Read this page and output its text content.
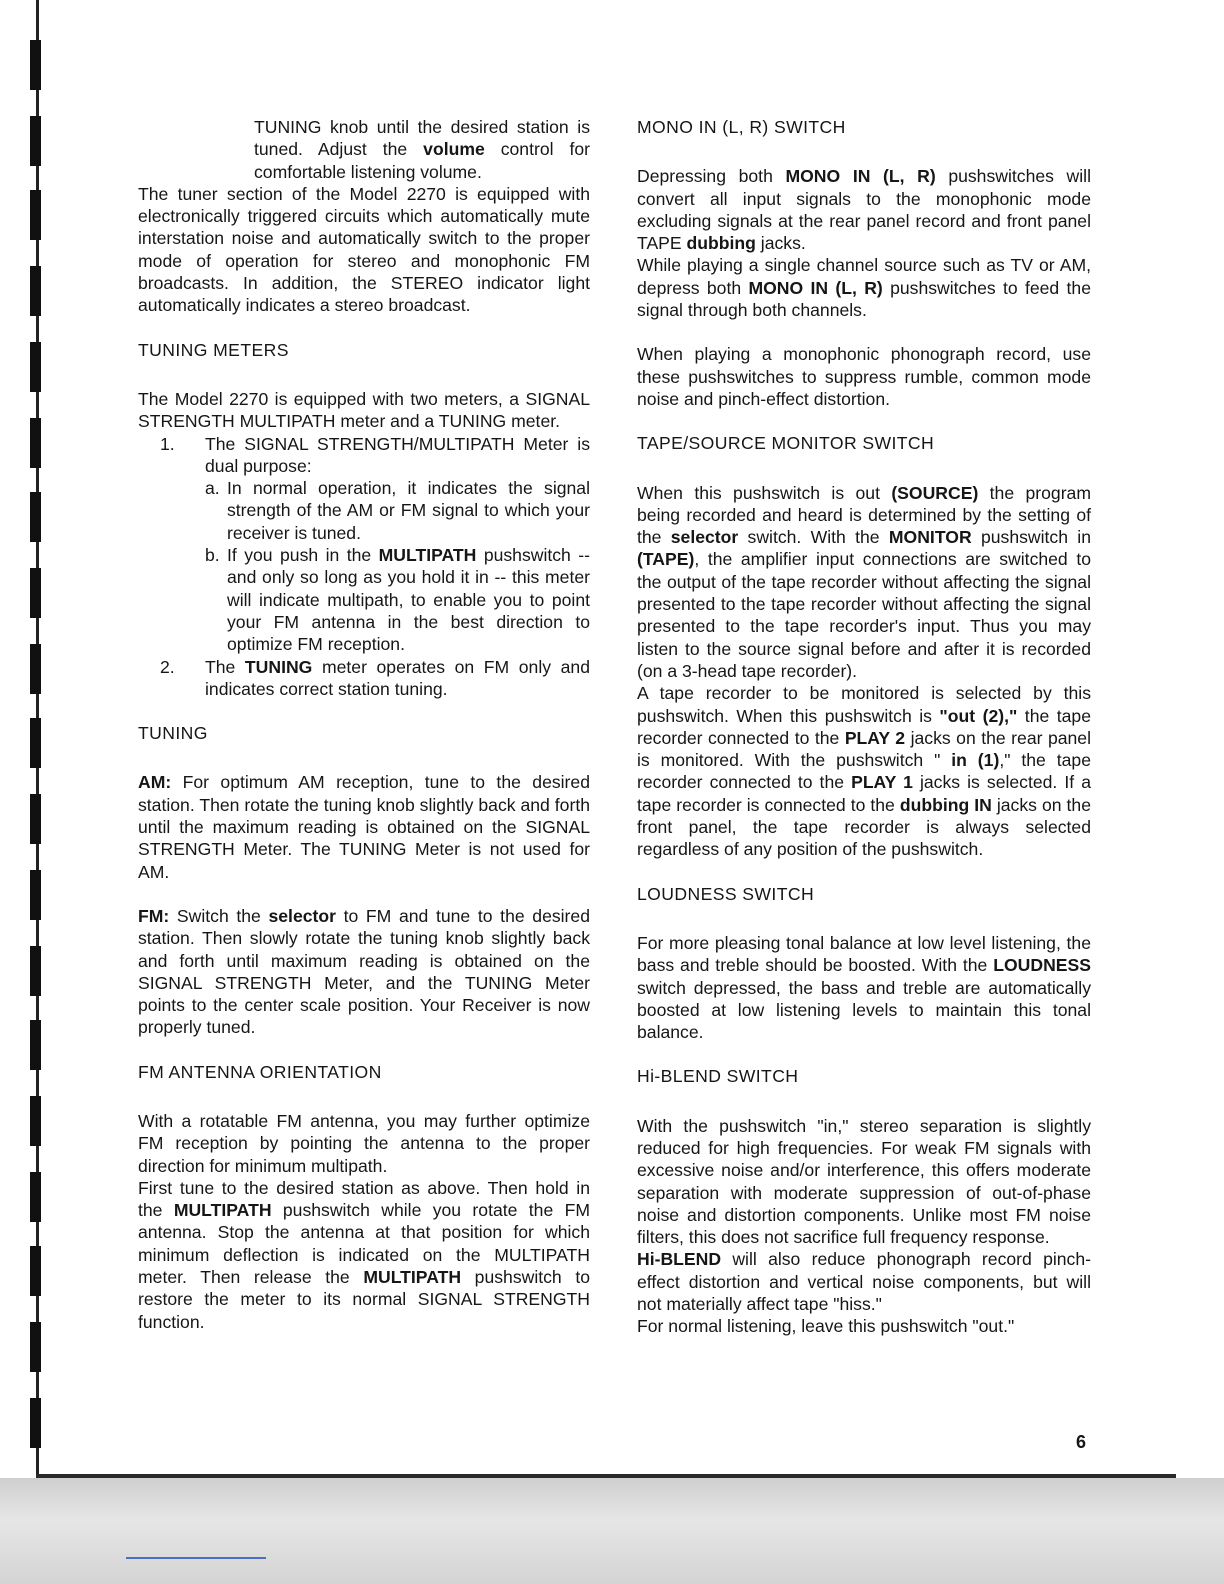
TUNING knob until the desired station is tuned. Adjust the volume control for comfortable listening volume.

The tuner section of the Model 2270 is equipped with electronically triggered circuits which automatically mute interstation noise and automatically switch to the proper mode of operation for stereo and monophonic FM broadcasts. In addition, the STEREO indicator light automatically indicates a stereo broadcast.

TUNING METERS

The Model 2270 is equipped with two meters, a SIGNAL STRENGTH MULTIPATH meter and a TUNING meter.

1. The SIGNAL STRENGTH/MULTIPATH Meter is dual purpose:

a. In normal operation, it indicates the signal strength of the AM or FM signal to which your receiver is tuned.

b. If you push in the MULTIPATH pushswitch -- and only so long as you hold it in -- this meter will indicate multipath, to enable you to point your FM antenna in the best direction to optimize FM reception.

2. The TUNING meter operates on FM only and indicates correct station tuning.

TUNING

AM: For optimum AM reception, tune to the desired station. Then rotate the tuning knob slightly back and forth until the maximum reading is obtained on the SIGNAL STRENGTH Meter. The TUNING Meter is not used for AM.

FM: Switch the selector to FM and tune to the desired station. Then slowly rotate the tuning knob slightly back and forth until maximum reading is obtained on the SIGNAL STRENGTH Meter, and the TUNING Meter points to the center scale position. Your Receiver is now properly tuned.

FM ANTENNA ORIENTATION

With a rotatable FM antenna, you may further optimize FM reception by pointing the antenna to the proper direction for minimum multipath.

First tune to the desired station as above. Then hold in the MULTIPATH pushswitch while you rotate the FM antenna. Stop the antenna at that position for which minimum deflection is indicated on the MULTIPATH meter. Then release the MULTIPATH pushswitch to restore the meter to its normal SIGNAL STRENGTH function.

MONO IN (L, R) SWITCH

Depressing both MONO IN (L, R) pushswitches will convert all input signals to the monophonic mode excluding signals at the rear panel record and front panel TAPE dubbing jacks.

While playing a single channel source such as TV or AM, depress both MONO IN (L, R) pushswitches to feed the signal through both channels.

When playing a monophonic phonograph record, use these pushswitches to suppress rumble, common mode noise and pinch-effect distortion.

TAPE/SOURCE MONITOR SWITCH

When this pushswitch is out (SOURCE) the program being recorded and heard is determined by the setting of the selector switch. With the MONITOR pushswitch in (TAPE), the amplifier input connections are switched to the output of the tape recorder without affecting the signal presented to the tape recorder without affecting the signal presented to the tape recorder's input. Thus you may listen to the source signal before and after it is recorded (on a 3-head tape recorder).

A tape recorder to be monitored is selected by this pushswitch. When this pushswitch is "out (2)," the tape recorder connected to the PLAY 2 jacks on the rear panel is monitored. With the pushswitch " in (1)," the tape recorder connected to the PLAY 1 jacks is selected. If a tape recorder is connected to the dubbing IN jacks on the front panel, the tape recorder is always selected regardless of any position of the pushswitch.

LOUDNESS SWITCH

For more pleasing tonal balance at low level listening, the bass and treble should be boosted. With the LOUDNESS switch depressed, the bass and treble are automatically boosted at low listening levels to maintain this tonal balance.

Hi-BLEND SWITCH

With the pushswitch "in," stereo separation is slightly reduced for high frequencies. For weak FM signals with excessive noise and/or interference, this offers moderate separation with moderate suppression of out-of-phase noise and distortion components. Unlike most FM noise filters, this does not sacrifice full frequency response.

Hi-BLEND will also reduce phonograph record pinch-effect distortion and vertical noise components, but will not materially affect tape "hiss."

For normal listening, leave this pushswitch "out."

6
